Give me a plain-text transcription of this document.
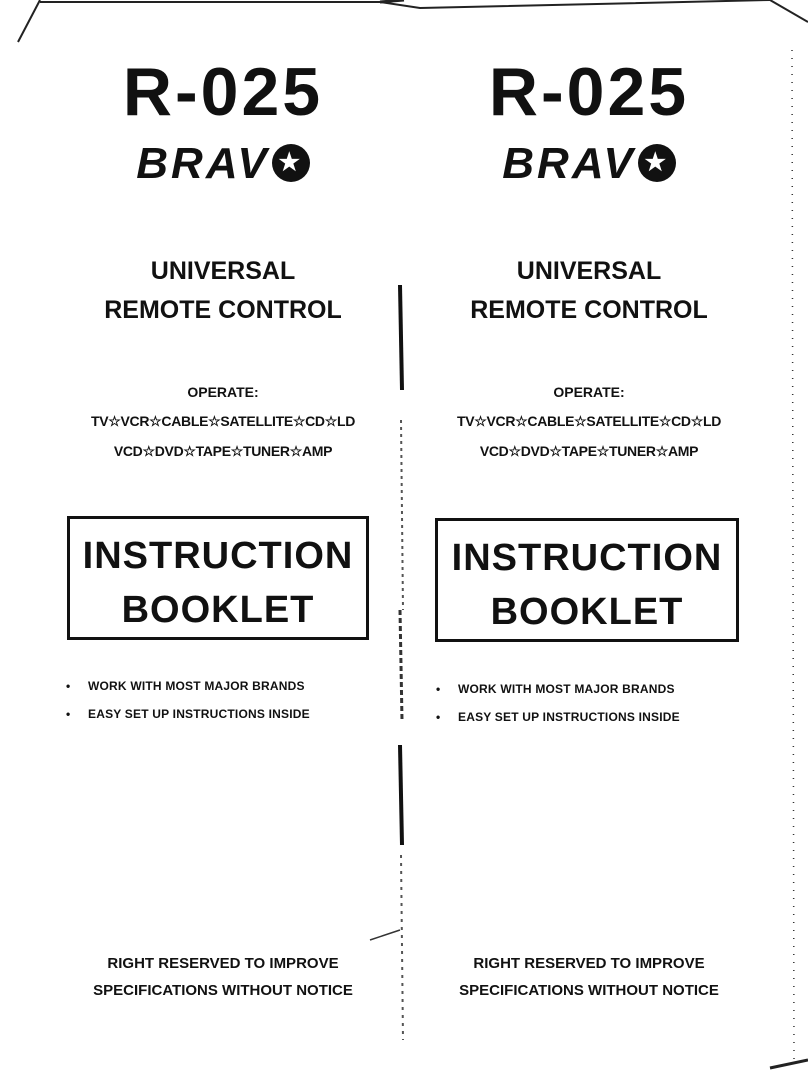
R-025
BRAV★
UNIVERSAL
REMOTE CONTROL
OPERATE:
TV☆VCR☆CABLE☆SATELLITE☆CD☆LD
VCD☆DVD☆TAPE☆TUNER☆AMP
INSTRUCTION
BOOKLET
• WORK WITH MOST MAJOR BRANDS
• EASY SET UP INSTRUCTIONS INSIDE
RIGHT RESERVED TO IMPROVE
SPECIFICATIONS WITHOUT NOTICE
R-025
BRAV★
UNIVERSAL
REMOTE CONTROL
OPERATE:
TV☆VCR☆CABLE☆SATELLITE☆CD☆LD
VCD☆DVD☆TAPE☆TUNER☆AMP
INSTRUCTION
BOOKLET
• WORK WITH MOST MAJOR BRANDS
• EASY SET UP INSTRUCTIONS INSIDE
RIGHT RESERVED TO IMPROVE
SPECIFICATIONS WITHOUT NOTICE
